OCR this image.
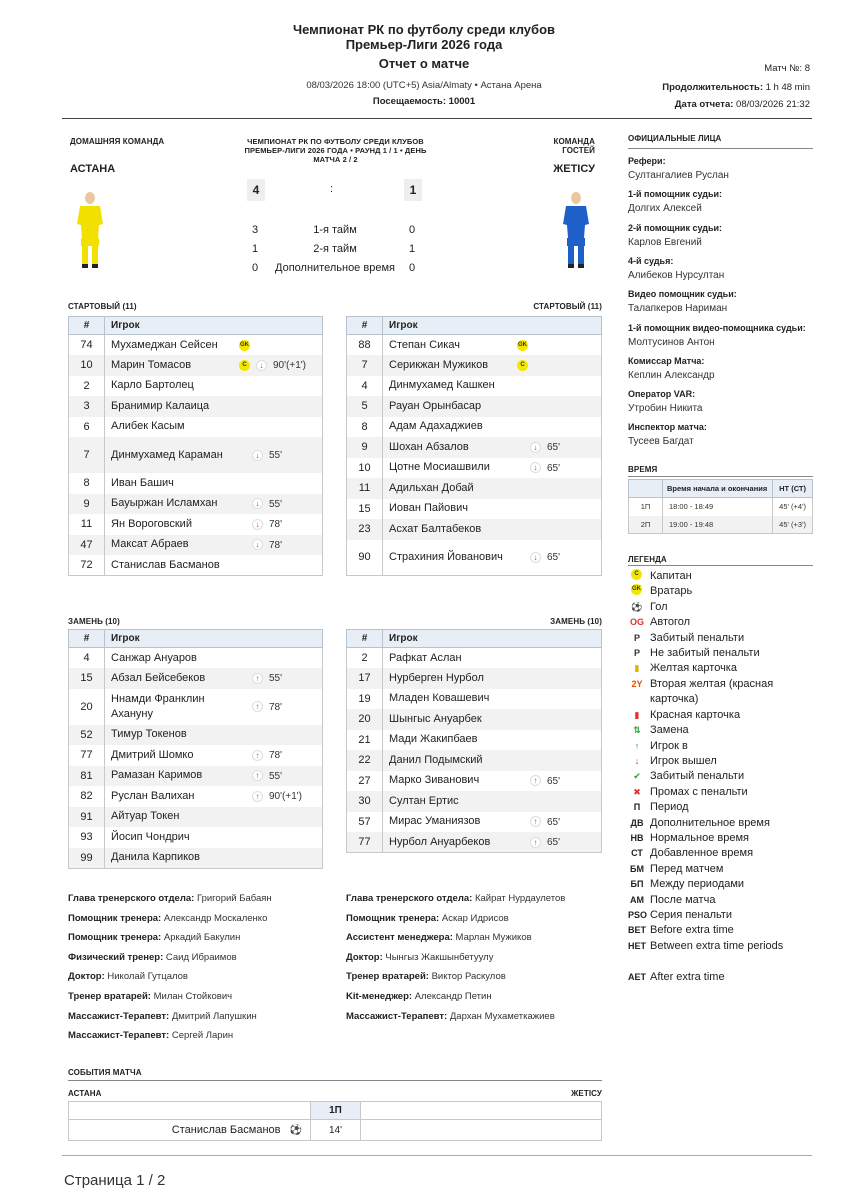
Чемпионат РК по футболу среди клубов
Премьер-Лиги 2026 года
Отчет о матче
08/03/2026 18:00 (UTC+5) Asia/Almaty • Астана Арена
Посещаемость: 10001
Матч №: 8
Продолжительность: 1 h 48 min
Дата отчета: 08/03/2026 21:32
ДОМАШНЯЯ КОМАНДА	КОМАНДА ГОСТЕЙ
ЧЕМПИОНАТ РК ПО ФУТБОЛУ СРЕДИ КЛУБОВ ПРЕМЬЕР-ЛИГИ 2026 ГОДА • РАУНД 1 / 1 • ДЕНЬ МАТЧА 2 / 2
АСТАНА	ЖЕТІСУ
4	:	1
3	1-я тайм	0
1	2-я тайм	1
0	Дополнительное время	0
СТАРТОВЫЙ (11)	СТАРТОВЫЙ (11)
ЗАМЕНЬ (10)	ЗАМЕНЬ (10)
#	Игрок
74	Мухамеджан Сейсен GK

10	Марин Томасов C ↓ 90'(+1')

2	Карло Бартолец

3	Бранимир Калаица

6	Алибек Касым

7	Динмухамед Караман ↓ 55'

8	Иван Башич

9	Бауыржан Исламхан ↓ 55'

11	Ян Вороговский ↓ 78'

47	Максат Абраев ↓ 78'

72	Станислав Басманов
#	Игрок
88	Степан Сикач GK

7	Серикжан Мужиков C

4	Динмухамед Кашкен

5	Рауан Орынбасар

8	Адам Адахаджиев

9	Шохан Абзалов ↓ 65'

10	Цотне Мосиашвили ↓ 65'

11	Адильхан Добай

15	Иован Пайович

23	Асхат Балтабеков

90	Страхиния Йованович ↓ 65'
#	Игрок
4	Санжар Ануаров

15	Абзал Бейсебеков ↑ 55'

20	Ннамди Франклин Ахануну
↑ 78'

52	Тимур Токенов

77	Дмитрий Шомко ↑ 78'

81	Рамазан Каримов ↑ 55'

82	Руслан Валихан ↑ 90'(+1')

91	Айтуар Токен

93	Йосип Чондрич

99	Данила Карпиков
#	Игрок
2	Рафкат Аслан

17	Нурберген Нурбол

19	Младен Ковашевич

20	Шынгыс Ануарбек

21	Мади Жакипбаев

22	Данил Подымский

27	Марко Зиванович ↑ 65'

30	Султан Ертис

57	Мирас Уманиязов ↑ 65'

77	Нурбол Ануарбеков ↑ 65'
ОФИЦИАЛЬНЫЕ ЛИЦА
Рефери:
Султангалиев Руслан
1-й помощник судьи:
Долгих Алексей
2-й помощник судьи:
Карлов Евгений
4-й судья:
Алибеков Нурсултан
Видео помощник судьи:
Талапкеров Нариман
1-й помощник видео-помощника судьи:
Молтусинов Антон
Комиссар Матча:
Кеплин Александр
Оператор VAR:
Утробин Никита
Инспектор матча:
Тусеев Багдат
ВРЕМЯ
	Время начала и окончания	НТ (СТ)
1П	18:00 - 18:49	45' (+4')
2П	19:00 - 19:48	45' (+3')
ЛЕГЕНДА
C Капитан
GK Вратарь
⚽ Гол
OG Автогол
P Забитый пенальти
P Не забитый пенальти
▮ Желтая карточка
2Y Вторая желтая (красная карточка)
▮ Красная карточка
⇅ Замена
↑ Игрок в
↓ Игрок вышел
✔ Забитый пенальти
✖ Промах с пенальти
П Период
ДВ Дополнительное время
НВ Нормальное время
СТ Добавленное время
БМ Перед матчем
БП Между периодами
АМ После матча
PSO Серия пенальти
BET Before extra time
HET Between extra time periods
AET After extra time
Глава тренерского отдела: Григорий Бабаян
Помощник тренера: Александр Москаленко
Помощник тренера: Аркадий Бакулин
Физический тренер: Саид Ибраимов
Доктор: Николай Гутцалов
Тренер вратарей: Милан Стойкович
Массажист-Терапевт: Дмитрий Лапушкин
Массажист-Терапевт: Сергей Ларин
Глава тренерского отдела: Кайрат Нурдаулетов
Помощник тренера: Аскар Идрисов
Ассистент менеджера: Марлан Мужиков
Доктор: Чынгыз Жакшынбетуулу
Тренер вратарей: Виктор Раскулов
Kit-менеджер: Александр Петин
Массажист-Терапевт: Дархан Мухаметкажиев
СОБЫТИЯ МАТЧА
АСТАНА	ЖЕТІСУ
1П
Станислав Басманов ⚽	14'
Страница 1 / 2
